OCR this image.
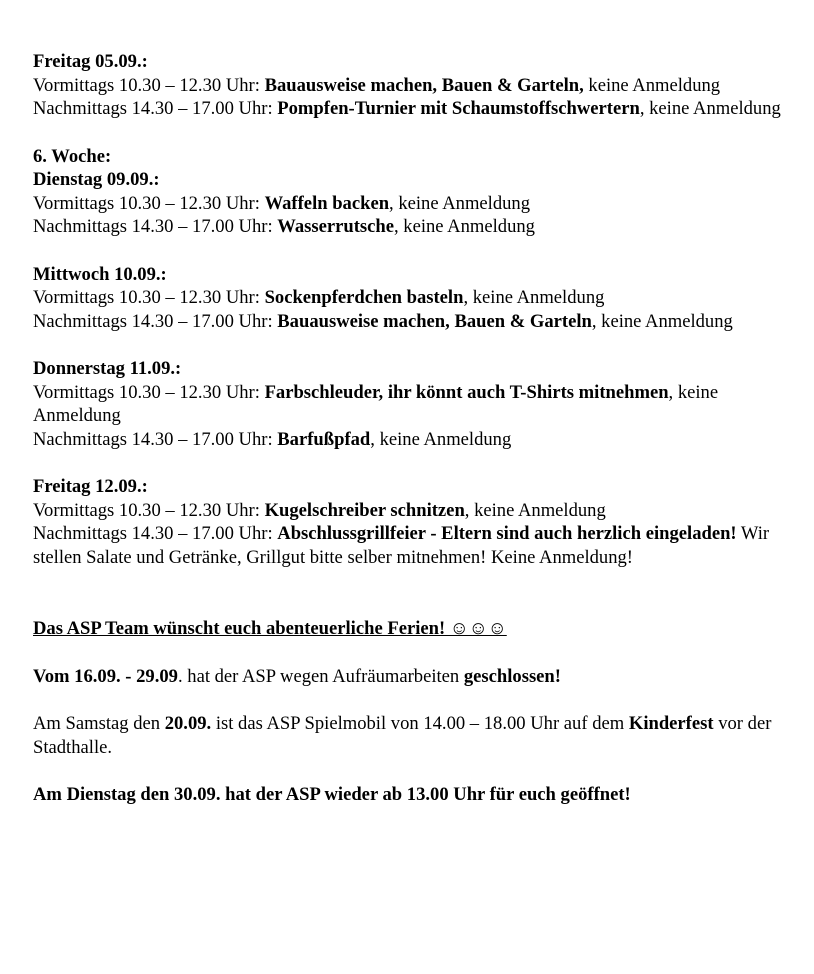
Freitag 05.09.:

Vormittags 10.30 – 12.30 Uhr: Bauausweise machen, Bauen & Garteln, keine Anmeldung

Nachmittags 14.30 – 17.00 Uhr: Pompfen-Turnier mit Schaumstoffschwertern, keine Anmeldung

6. Woche:

Dienstag 09.09.:

Vormittags 10.30 – 12.30 Uhr: Waffeln backen, keine Anmeldung

Nachmittags 14.30 – 17.00 Uhr: Wasserrutsche, keine Anmeldung

Mittwoch 10.09.:

Vormittags 10.30 – 12.30 Uhr: Sockenpferdchen basteln, keine Anmeldung

Nachmittags 14.30 – 17.00 Uhr: Bauausweise machen, Bauen & Garteln, keine Anmeldung

Donnerstag 11.09.:

Vormittags 10.30 – 12.30 Uhr: Farbschleuder, ihr könnt auch T-Shirts mitnehmen, keine Anmeldung

Nachmittags 14.30 – 17.00 Uhr: Barfußpfad, keine Anmeldung

Freitag 12.09.:

Vormittags 10.30 – 12.30 Uhr: Kugelschreiber schnitzen, keine Anmeldung

Nachmittags 14.30 – 17.00 Uhr: Abschlussgrillfeier - Eltern sind auch herzlich eingeladen! Wir stellen Salate und Getränke, Grillgut bitte selber mitnehmen! Keine Anmeldung!

Das ASP Team wünscht euch abenteuerliche Ferien! ☺☺☺

Vom 16.09. - 29.09. hat der ASP wegen Aufräumarbeiten geschlossen!

Am Samstag den 20.09. ist das ASP Spielmobil von 14.00 – 18.00 Uhr auf dem Kinderfest vor der Stadthalle.

Am Dienstag den 30.09. hat der ASP wieder ab 13.00 Uhr für euch geöffnet!
